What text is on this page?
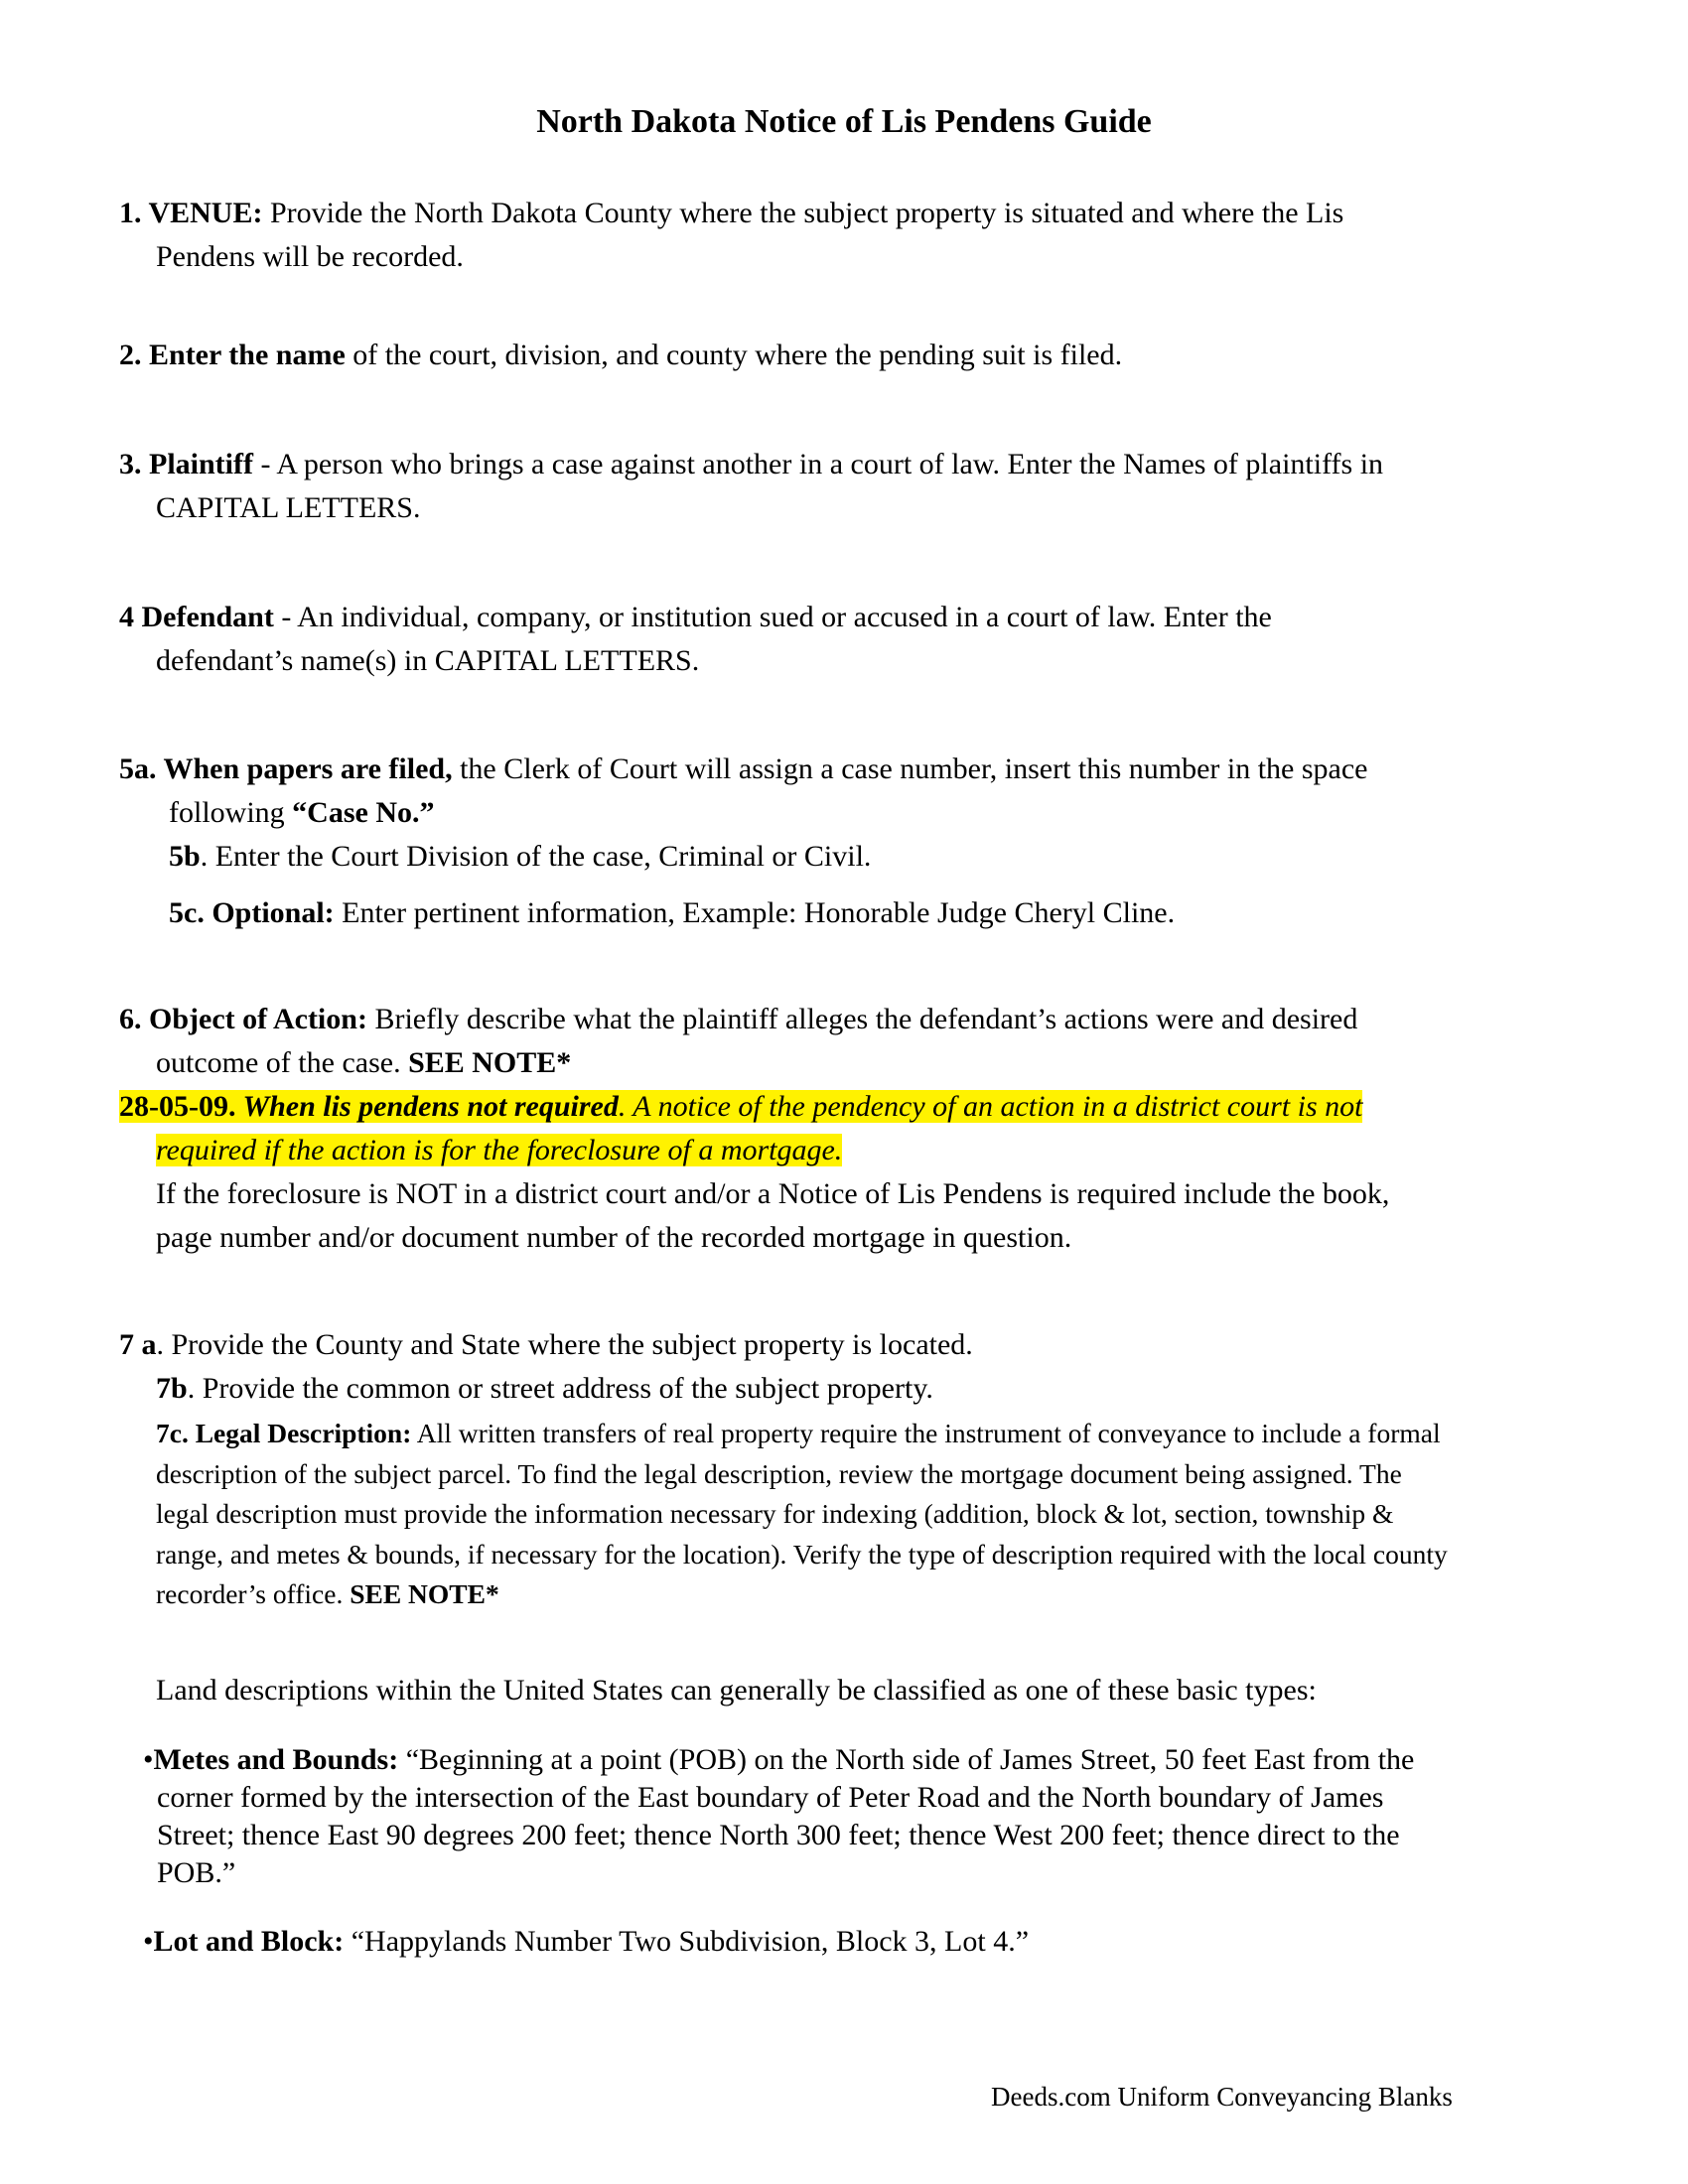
North Dakota Notice of Lis Pendens Guide
1. VENUE: Provide the North Dakota County where the subject property is situated and where the Lis
Pendens will be recorded.
2. Enter the name of the court, division, and county where the pending suit is filed.
3. Plaintiff - A person who brings a case against another in a court of law. Enter the Names of plaintiffs in
CAPITAL LETTERS.
4 Defendant - An individual, company, or institution sued or accused in a court of law. Enter the
defendant’s name(s) in CAPITAL LETTERS.
5a. When papers are filed, the Clerk of Court will assign a case number, insert this number in the space
following “Case No.”
5b. Enter the Court Division of the case, Criminal or Civil.
5c. Optional: Enter pertinent information, Example: Honorable Judge Cheryl Cline.
6. Object of Action: Briefly describe what the plaintiff alleges the defendant’s actions were and desired
outcome of the case. SEE NOTE*
28-05-09. When lis pendens not required. A notice of the pendency of an action in a district court is not
required if the action is for the foreclosure of a mortgage.
If the foreclosure is NOT in a district court and/or a Notice of Lis Pendens is required include the book,
page number and/or document number of the recorded mortgage in question.
7 a. Provide the County and State where the subject property is located.
7b. Provide the common or street address of the subject property.
7c. Legal Description: All written transfers of real property require the instrument of conveyance to include a formal
description of the subject parcel. To find the legal description, review the mortgage document being assigned. The
legal description must provide the information necessary for indexing (addition, block & lot, section, township &
range, and metes & bounds, if necessary for the location). Verify the type of description required with the local county
recorder’s office. SEE NOTE*
Land descriptions within the United States can generally be classified as one of these basic types:
•Metes and Bounds: “Beginning at a point (POB) on the North side of James Street, 50 feet East from the
corner formed by the intersection of the East boundary of Peter Road and the North boundary of James
Street; thence East 90 degrees 200 feet; thence North 300 feet; thence West 200 feet; thence direct to the
POB.”
•Lot and Block: “Happylands Number Two Subdivision, Block 3, Lot 4.”
Deeds.com Uniform Conveyancing Blanks
